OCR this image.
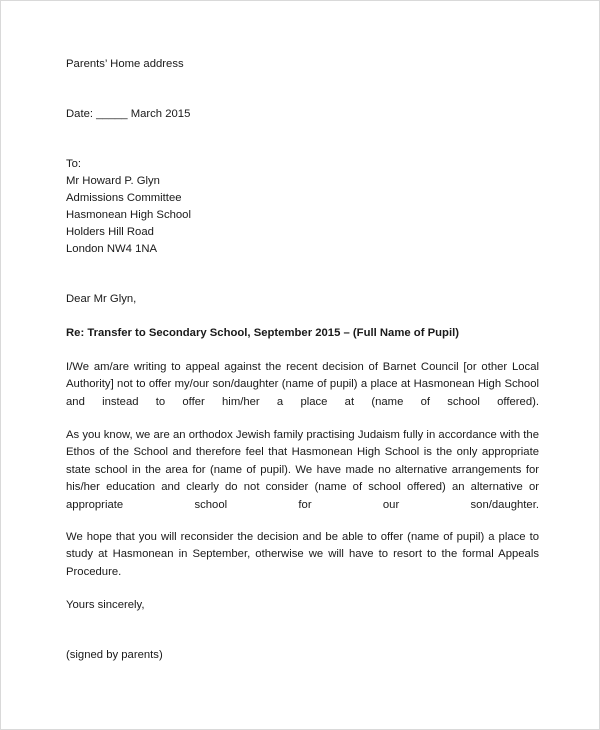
Parents’ Home address
Date: _____ March 2015
To:
Mr Howard P. Glyn
Admissions Committee
Hasmonean High School
Holders Hill Road
London NW4 1NA
Dear Mr Glyn,
Re: Transfer to Secondary School, September 2015 – (Full Name of Pupil)
I/We am/are writing to appeal against the recent decision of Barnet Council [or other Local Authority] not to offer my/our son/daughter (name of pupil) a place at Hasmonean High School and instead to offer him/her a place at (name of school offered).
As you know, we are an orthodox Jewish family practising Judaism fully in accordance with the Ethos of the School and therefore feel that Hasmonean High School is the only appropriate state school in the area for (name of pupil). We have made no alternative arrangements for his/her education and clearly do not consider (name of school offered) an alternative or appropriate school for our son/daughter.
We hope that you will reconsider the decision and be able to offer (name of pupil) a place to study at Hasmonean in September, otherwise we will have to resort to the formal Appeals Procedure.
Yours sincerely,
(signed by parents)
